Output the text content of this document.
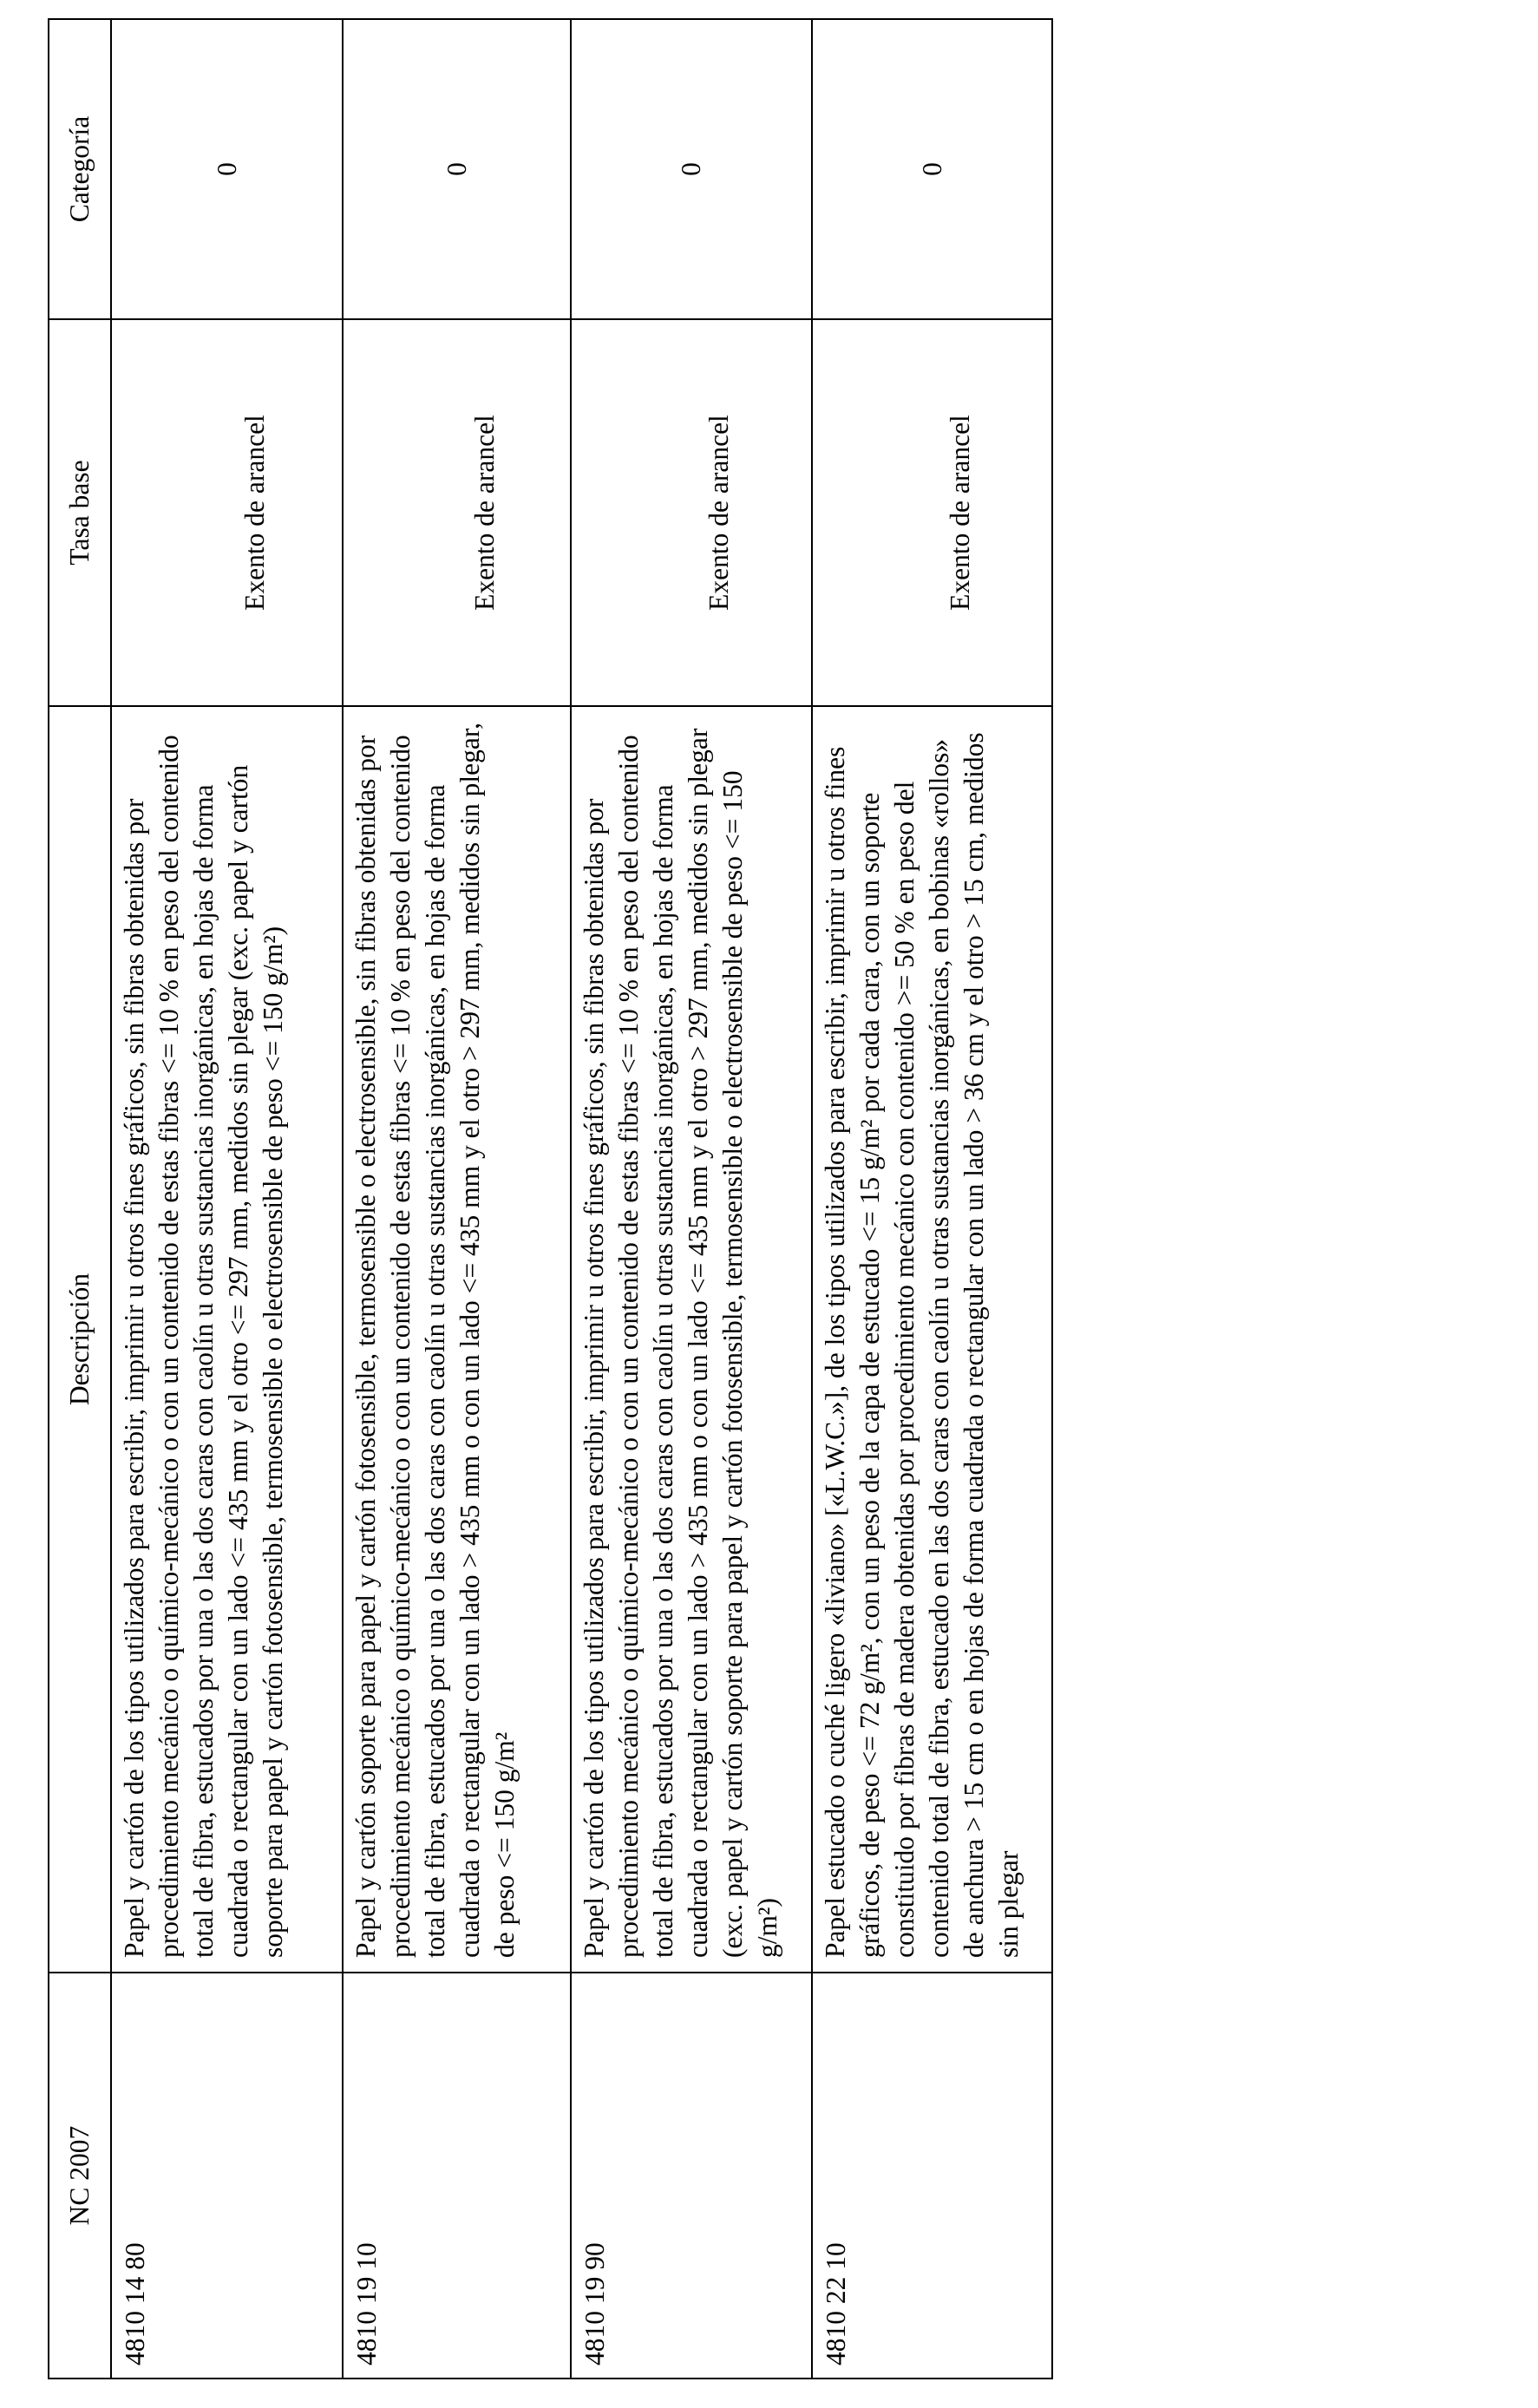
NC 2007	Descripción	Tasa base	Categoría
4810 14 80	Papel y cartón de los tipos utilizados para escribir, imprimir u otros fines gráficos, sin fibras obtenidas por procedimiento mecánico o químico-mecánico o con un contenido de estas fibras <= 10 % en peso del contenido total de fibra, estucados por una o las dos caras con caolín u otras sustancias inorgánicas, en hojas de forma cuadrada o rectangular con un lado <= 435 mm y el otro <= 297 mm, medidos sin plegar (exc. papel y cartón soporte para papel y cartón fotosensible, termosensible o electrosensible de peso <= 150 g/m²)	Exento de arancel	0
4810 19 10	Papel y cartón soporte para papel y cartón fotosensible, termosensible o electrosensible, sin fibras obtenidas por procedimiento mecánico o químico-mecánico o con un contenido de estas fibras <= 10 % en peso del contenido total de fibra, estucados por una o las dos caras con caolín u otras sustancias inorgánicas, en hojas de forma cuadrada o rectangular con un lado > 435 mm o con un lado <= 435 mm y el otro > 297 mm, medidos sin plegar, de peso <= 150 g/m²	Exento de arancel	0
4810 19 90	Papel y cartón de los tipos utilizados para escribir, imprimir u otros fines gráficos, sin fibras obtenidas por procedimiento mecánico o químico-mecánico o con un contenido de estas fibras <= 10 % en peso del contenido total de fibra, estucados por una o las dos caras con caolín u otras sustancias inorgánicas, en hojas de forma cuadrada o rectangular con un lado > 435 mm o con un lado <= 435 mm y el otro > 297 mm, medidos sin plegar (exc. papel y cartón soporte para papel y cartón fotosensible, termosensible o electrosensible de peso <= 150 g/m²)	Exento de arancel	0
4810 22 10	Papel estucado o cuché ligero «liviano» [«L.W.C.»], de los tipos utilizados para escribir, imprimir u otros fines gráficos, de peso <= 72 g/m², con un peso de la capa de estucado <= 15 g/m² por cada cara, con un soporte constituido por fibras de madera obtenidas por procedimiento mecánico con contenido >= 50 % en peso del contenido total de fibra, estucado en las dos caras con caolín u otras sustancias inorgánicas, en bobinas «rollos» de anchura > 15 cm o en hojas de forma cuadrada o rectangular con un lado > 36 cm y el otro > 15 cm, medidos sin plegar	Exento de arancel	0
